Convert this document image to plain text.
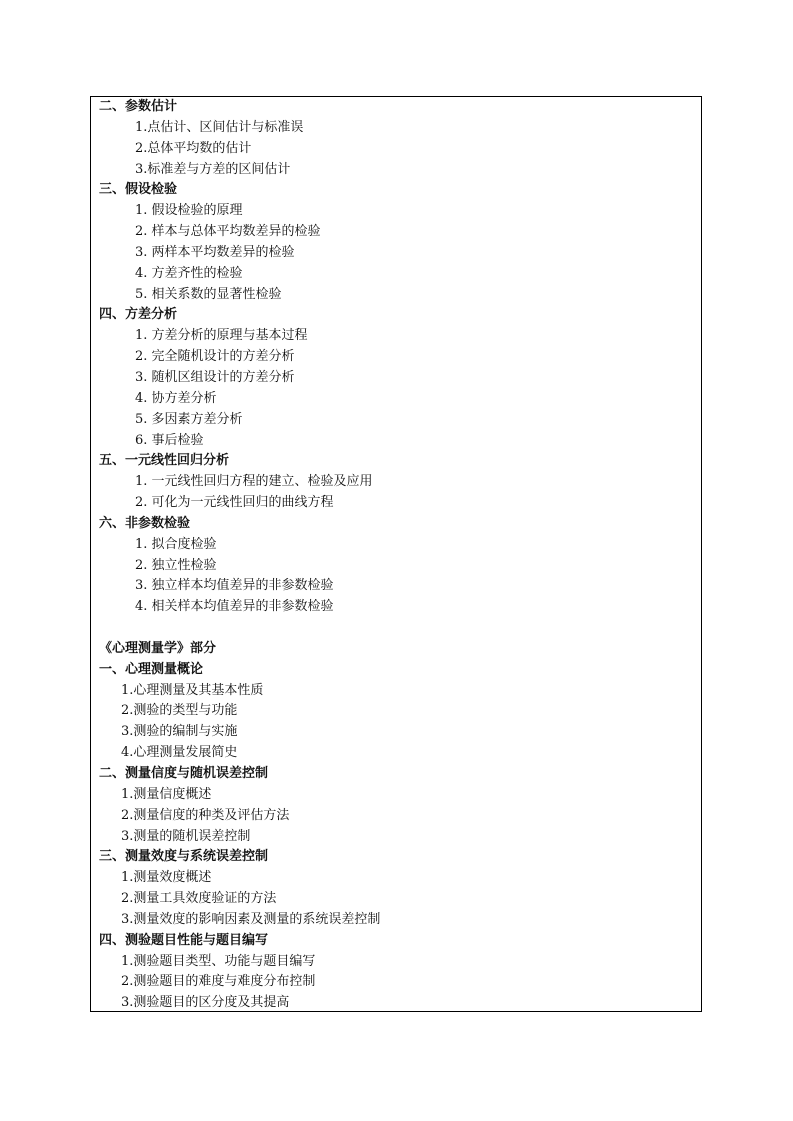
二、参数估计
1.点估计、区间估计与标准误
2.总体平均数的估计
3.标准差与方差的区间估计
三、假设检验
1. 假设检验的原理
2. 样本与总体平均数差异的检验
3. 两样本平均数差异的检验
4. 方差齐性的检验
5. 相关系数的显著性检验
四、方差分析
1. 方差分析的原理与基本过程
2. 完全随机设计的方差分析
3. 随机区组设计的方差分析
4. 协方差分析
5. 多因素方差分析
6. 事后检验
五、一元线性回归分析
1. 一元线性回归方程的建立、检验及应用
2. 可化为一元线性回归的曲线方程
六、非参数检验
1. 拟合度检验
2. 独立性检验
3. 独立样本均值差异的非参数检验
4. 相关样本均值差异的非参数检验
《心理测量学》部分
一、心理测量概论
1.心理测量及其基本性质
2.测验的类型与功能
3.测验的编制与实施
4.心理测量发展简史
二、测量信度与随机误差控制
1.测量信度概述
2.测量信度的种类及评估方法
3.测量的随机误差控制
三、测量效度与系统误差控制
1.测量效度概述
2.测量工具效度验证的方法
3.测量效度的影响因素及测量的系统误差控制
四、测验题目性能与题目编写
1.测验题目类型、功能与题目编写
2.测验题目的难度与难度分布控制
3.测验题目的区分度及其提高
